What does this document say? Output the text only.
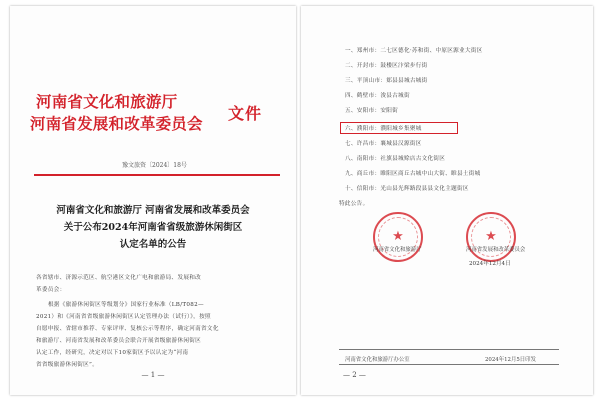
河南省文化和旅游厅
河南省发展和改革委员会
文件
豫文旅资〔2024〕18号
河南省文化和旅游厅 河南省发展和改革委员会
关于公布2024年河南省省级旅游休闲街区
认定名单的公告
各省辖市、济源示范区、航空港区文化广电和旅游局、发展和改
革委员会：
根据《旅游休闲街区等级划分》国家行业标准（LB/T082—
2021）和《河南省省级旅游休闲街区认定管理办法（试行）》，按照
自愿申报、省辖市推荐、专家评审、复核公示等程序，确定河南省文化
和旅游厅、河南省发展和改革委员会联合开展省级旅游休闲街区
认定工作，经研究，决定对以下10家街区予以认定为“河南
省省级旅游休闲街区”。
— 1 —
一、郑州市：二七区德化·苏和街、中原区源业大街区
二、开封市：鼓楼区汴梁步行街
三、平顶山市：郏县县城古城街
四、鹤壁市：浚县古城街
五、安阳市：安阳街
六、濮阳市：濮阳城乡集聚城
七、许昌市：襄城县汉源街区
八、南阳市：社旗县城赊店古文化街区
九、商丘市：睢阳区商丘古城中山大街、睢县土街城
十、信阳市：光山县光辉路段县县文化主题街区
特此公告。
★	★
河南省文化和旅游厅	河南省发展和改革委员会
2024年12月4日
河南省文化和旅游厅办公室	2024年12月5日印发
— 2 —
